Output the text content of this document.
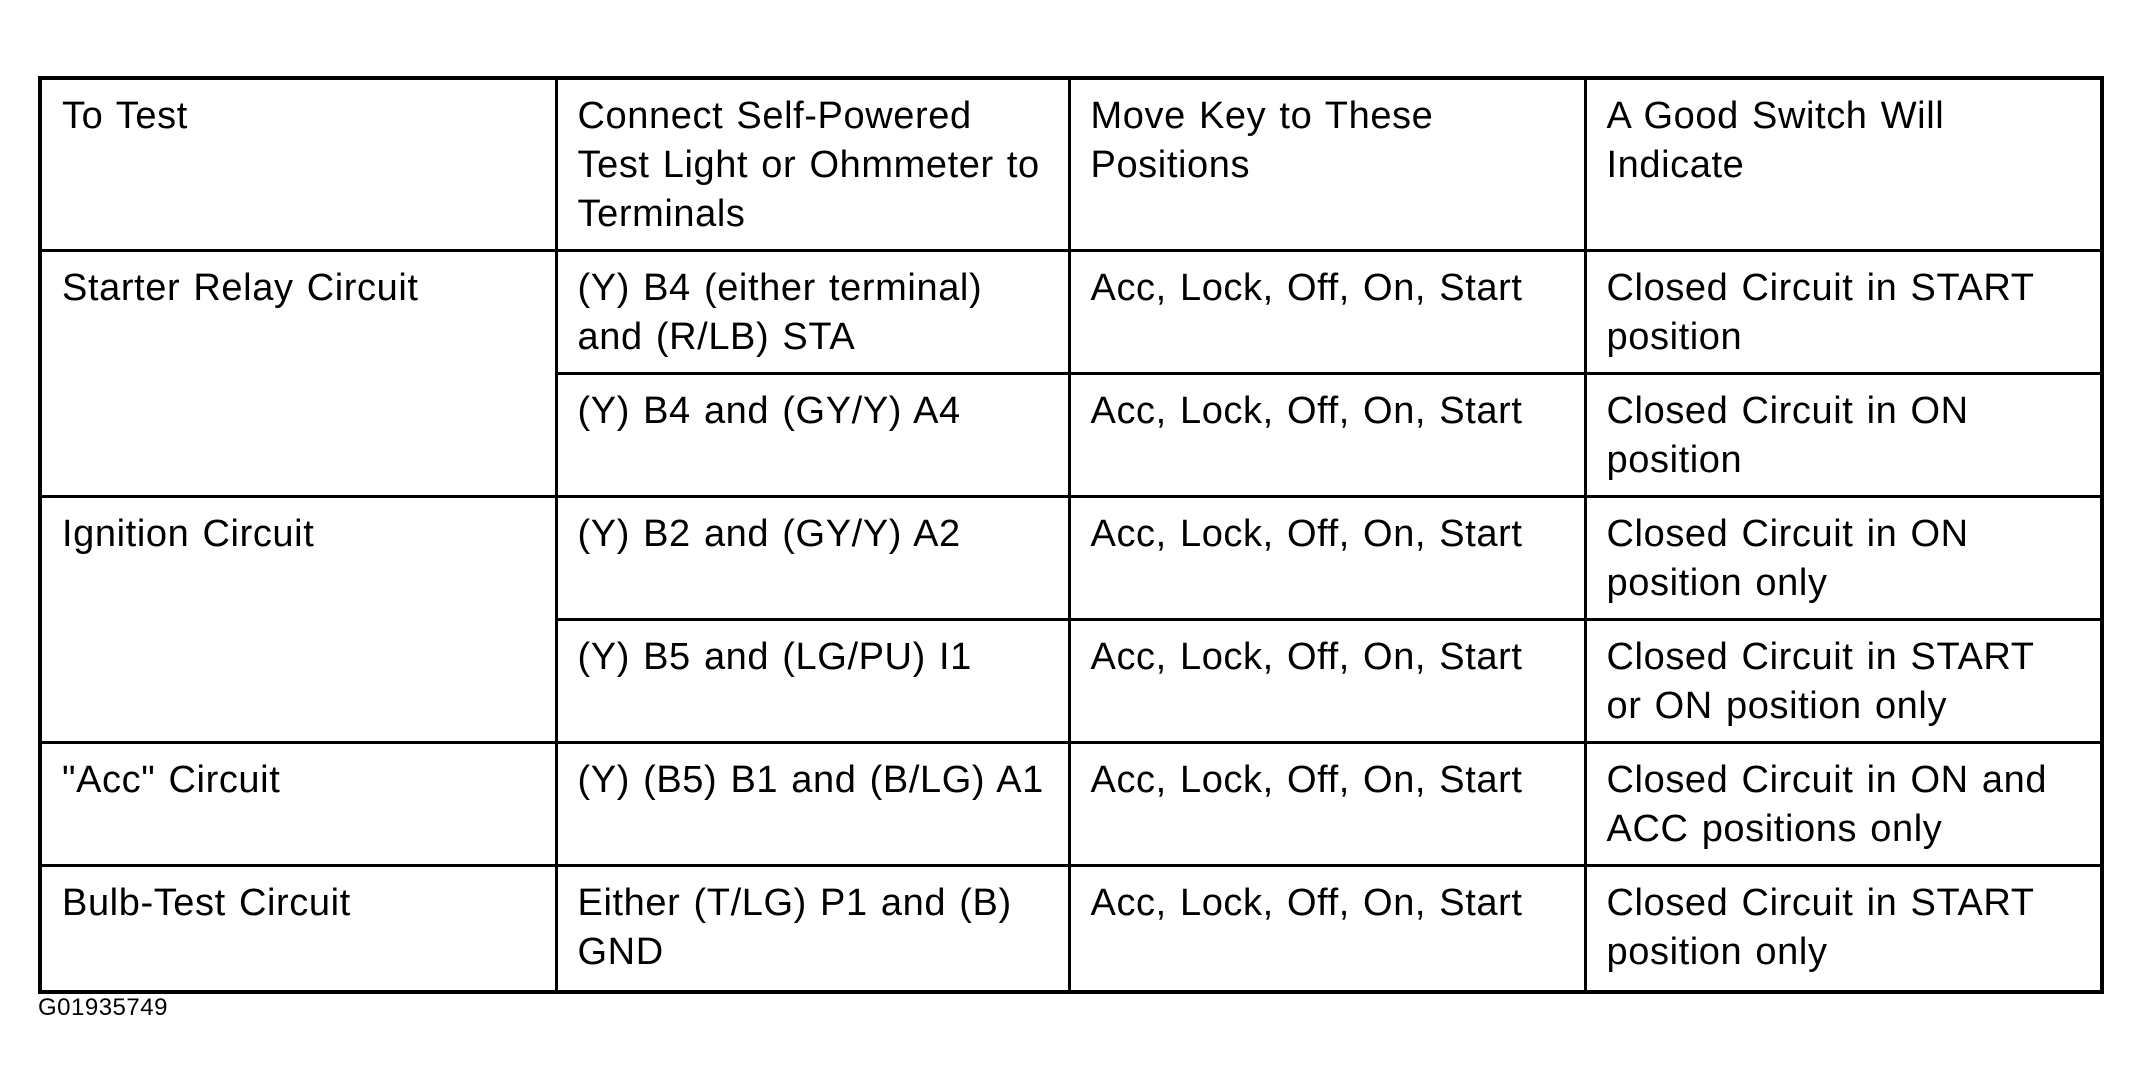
To Test	Connect Self-Powered Test Light or Ohmmeter to Terminals	Move Key to These Positions	A Good Switch Will Indicate
Starter Relay Circuit	(Y) B4 (either terminal) and (R/LB) STA	Acc, Lock, Off, On, Start	Closed Circuit in START position
	(Y) B4 and (GY/Y) A4	Acc, Lock, Off, On, Start	Closed Circuit in ON position
Ignition Circuit	(Y) B2 and (GY/Y) A2	Acc, Lock, Off, On, Start	Closed Circuit in ON position only
	(Y) B5 and (LG/PU) I1	Acc, Lock, Off, On, Start	Closed Circuit in START or ON position only
"Acc" Circuit	(Y) (B5) B1 and (B/LG) A1	Acc, Lock, Off, On, Start	Closed Circuit in ON and ACC positions only
Bulb-Test Circuit	Either (T/LG) P1 and (B) GND	Acc, Lock, Off, On, Start	Closed Circuit in START position only
G01935749
